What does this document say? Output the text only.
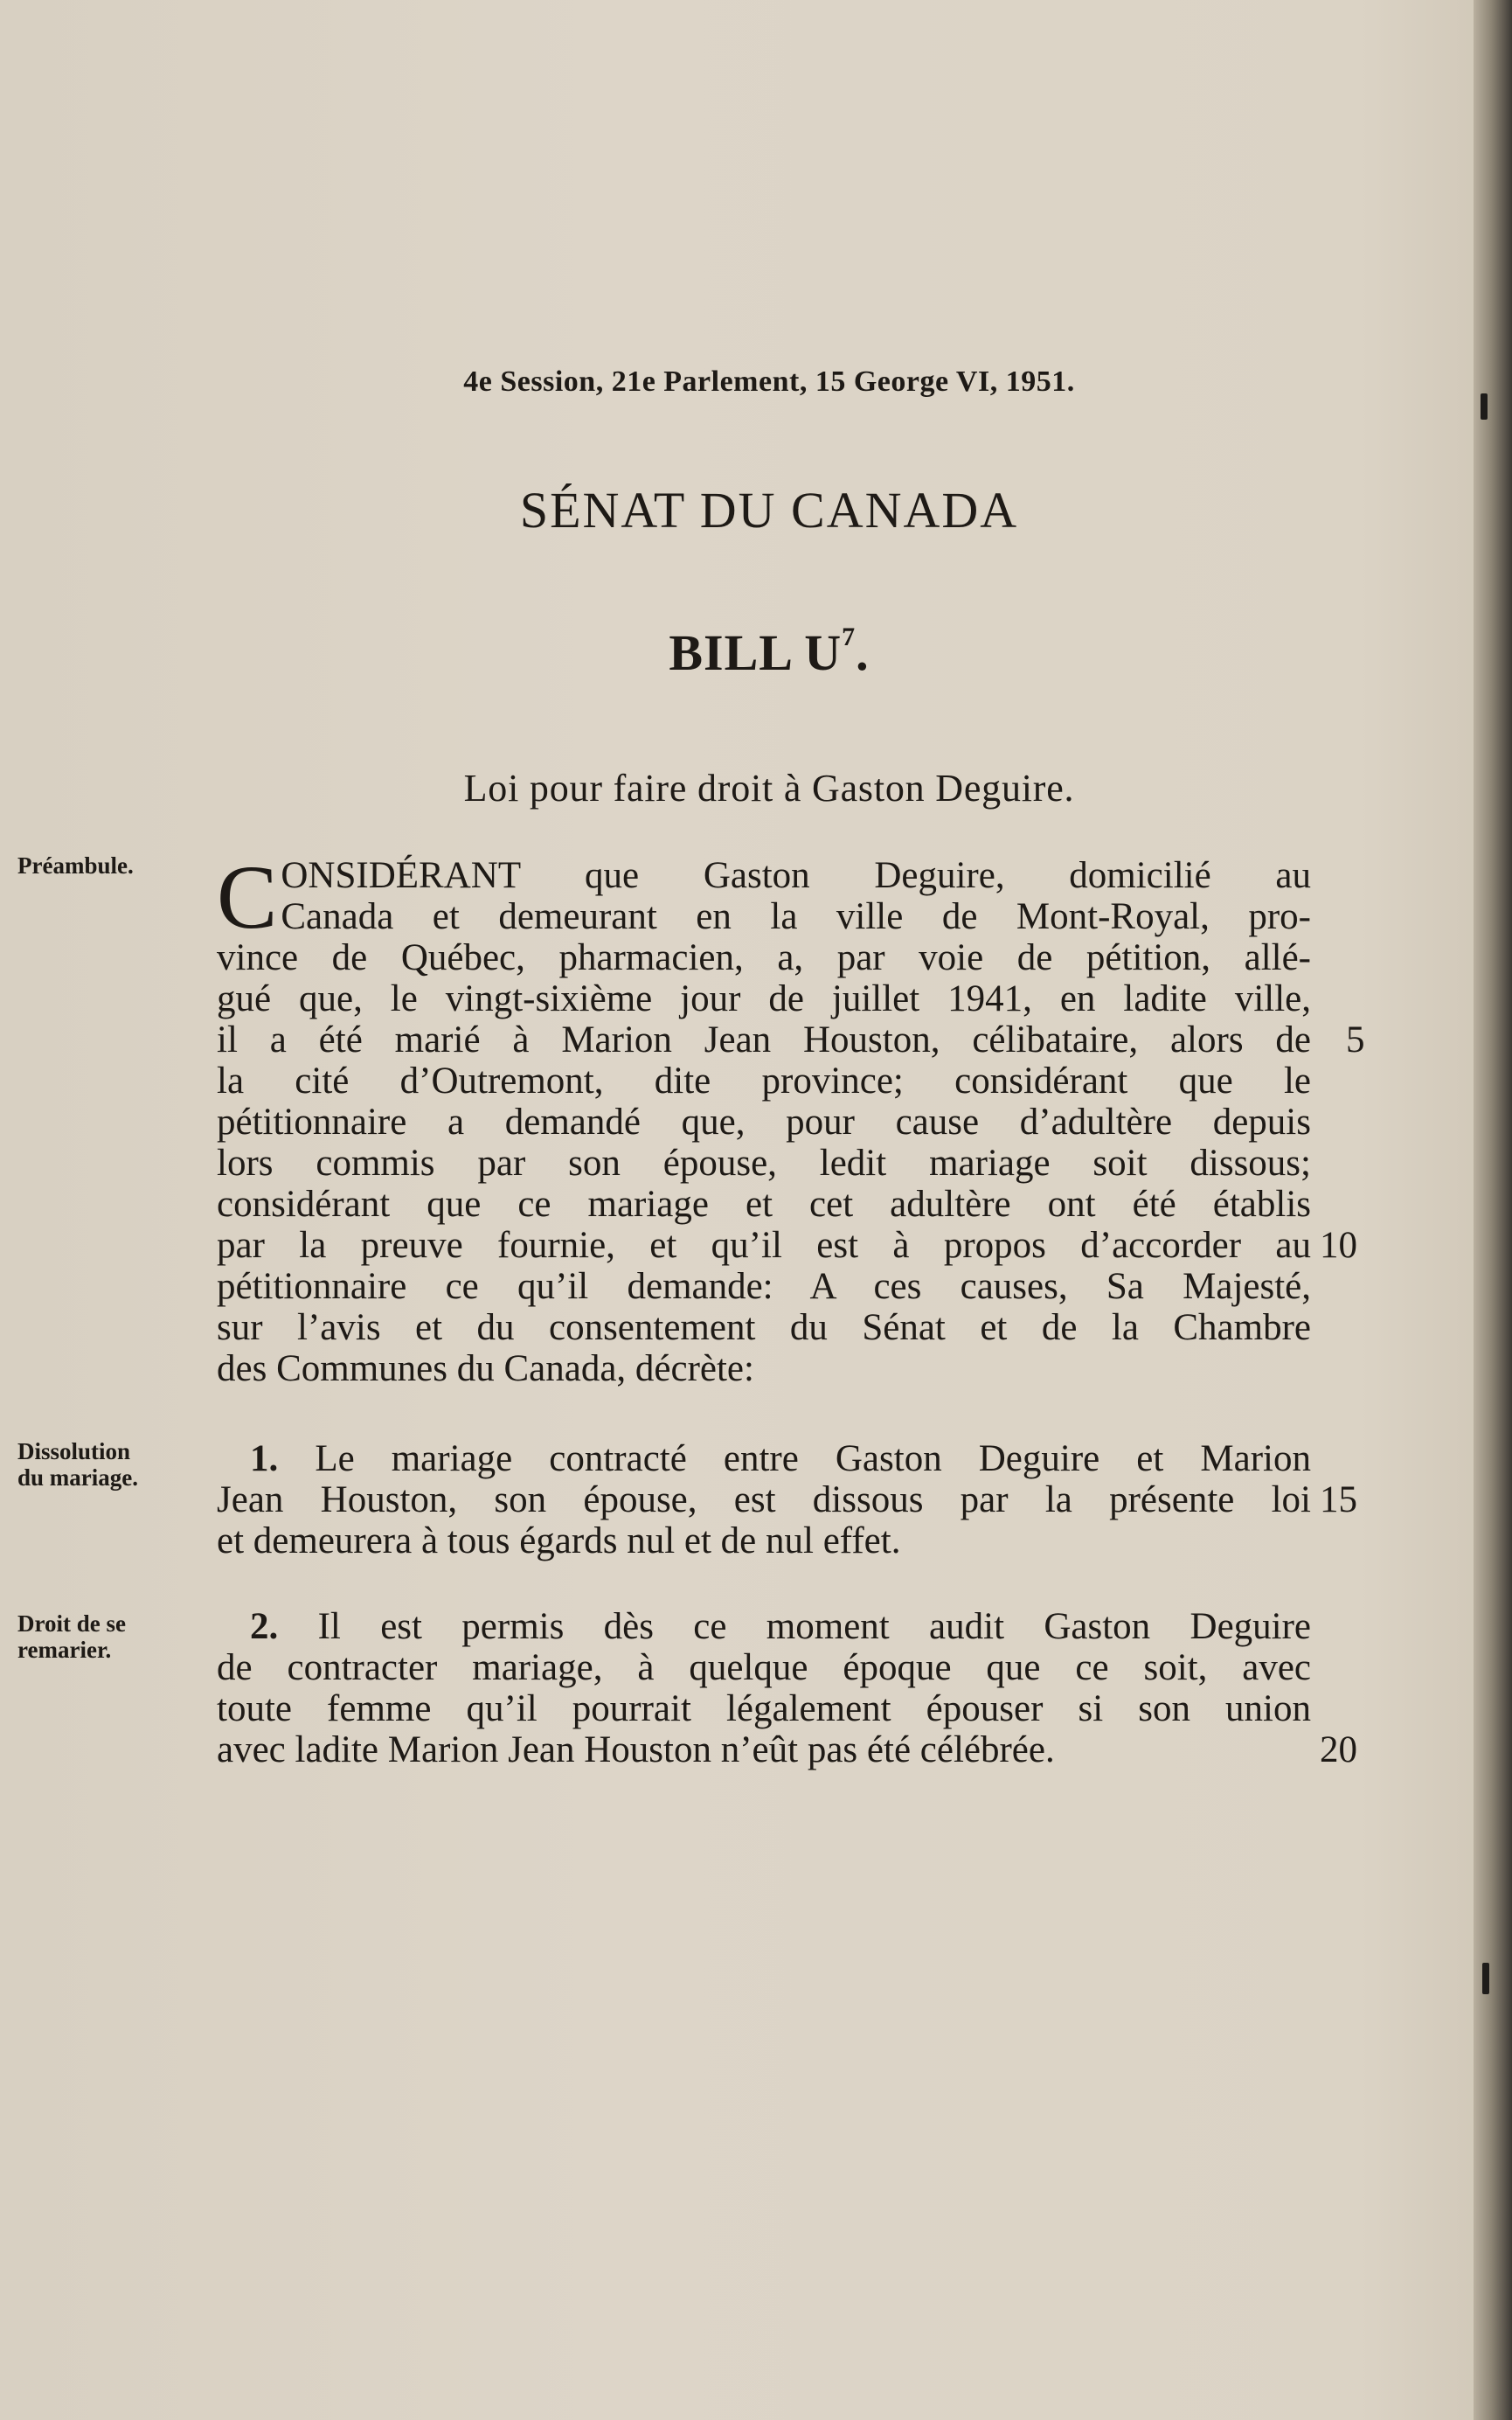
4e Session, 21e Parlement, 15 George VI, 1951.
SÉNAT DU CANADA
BILL $U^7$.
Loi pour faire droit à Gaston Deguire.
Préambule.
Dissolution
du mariage.
Droit de se
remarier.
C ONSIDÉRANT que Gaston Deguire, domicilié au
Canada et demeurant en la ville de Mont-Royal, pro-
vince de Québec, pharmacien, a, par voie de pétition, allé-
gué que, le vingt-sixième jour de juillet 1941, en ladite ville,
il a été marié à Marion Jean Houston, célibataire, alors de
la cité d’Outremont, dite province; considérant que le
pétitionnaire a demandé que, pour cause d’adultère depuis
lors commis par son épouse, ledit mariage soit dissous;
considérant que ce mariage et cet adultère ont été établis
par la preuve fournie, et qu’il est à propos d’accorder au
pétitionnaire ce qu’il demande: A ces causes, Sa Majesté,
sur l’avis et du consentement du Sénat et de la Chambre
des Communes du Canada, décrète:
1. Le mariage contracté entre Gaston Deguire et Marion
Jean Houston, son épouse, est dissous par la présente loi
et demeurera à tous égards nul et de nul effet.
2. Il est permis dès ce moment audit Gaston Deguire
de contracter mariage, à quelque époque que ce soit, avec
toute femme qu’il pourrait légalement épouser si son union
avec ladite Marion Jean Houston n’eût pas été célébrée.
5
10
15
20
